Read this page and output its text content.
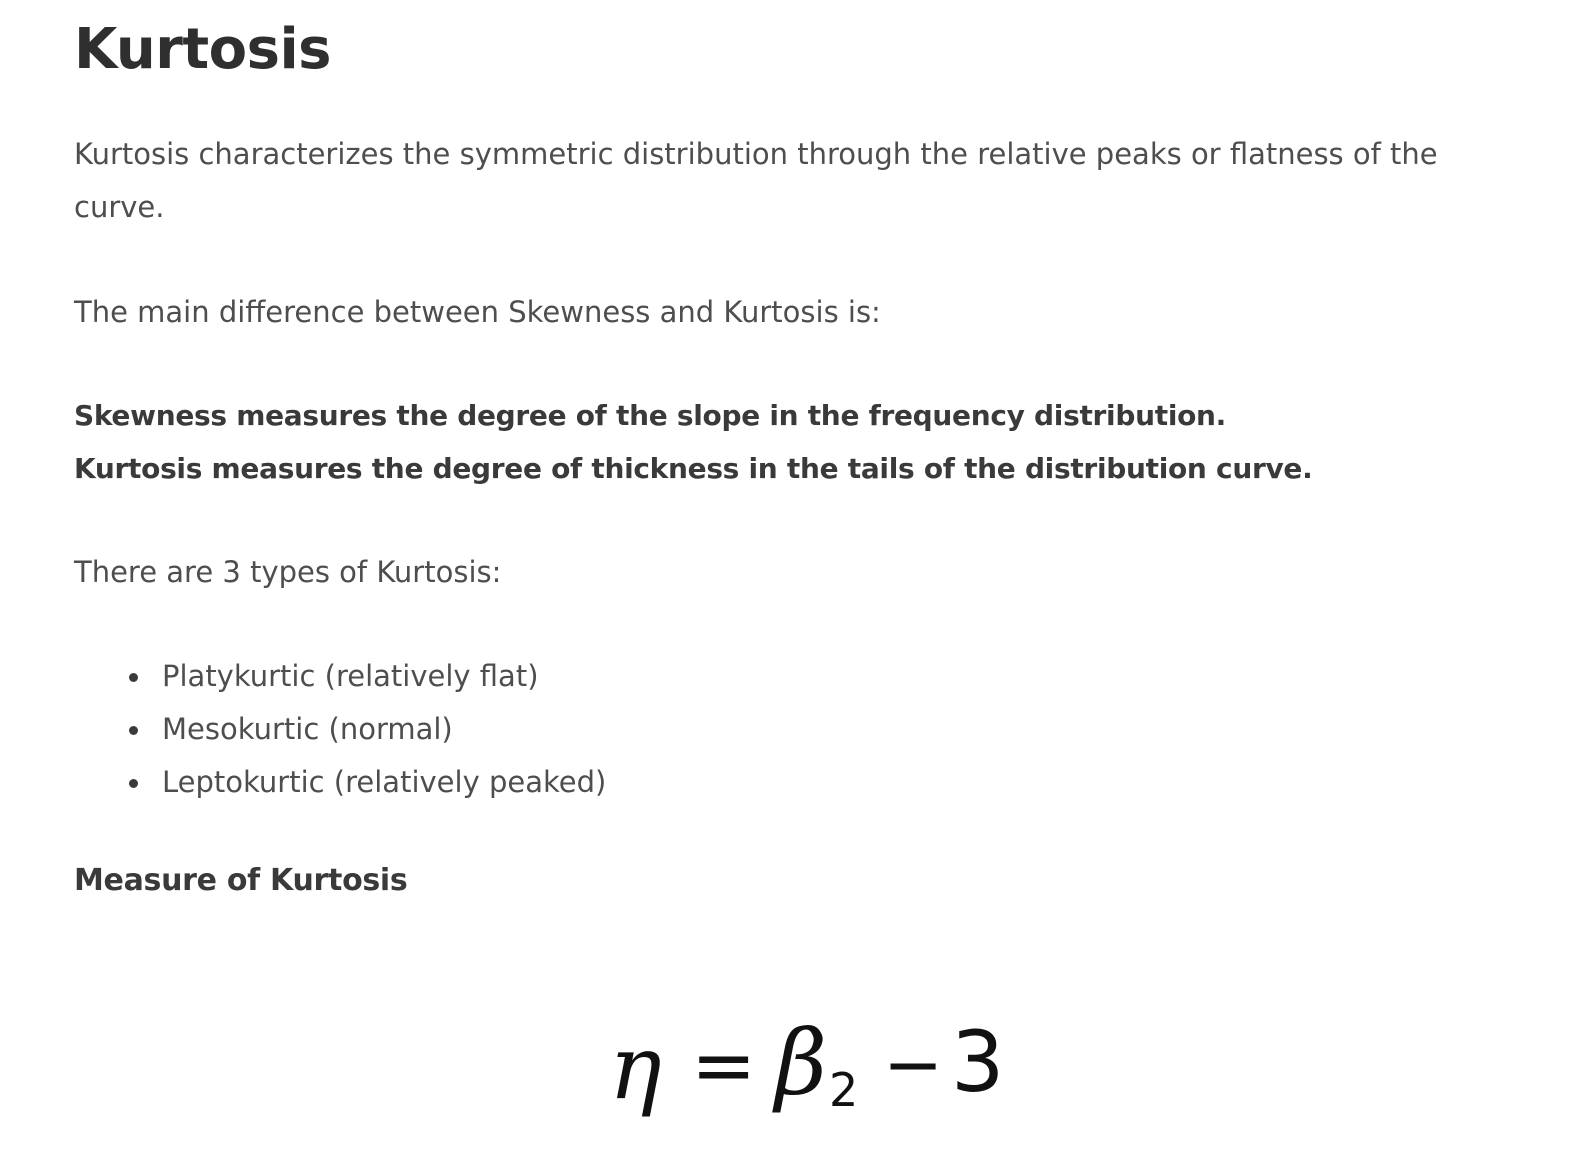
Kurtosis

Kurtosis characterizes the symmetric distribution through the relative peaks or flatness of the
curve.

The main difference between Skewness and Kurtosis is:

Skewness measures the degree of the slope in the frequency distribution.

Kurtosis measures the degree of thickness in the tails of the distribution curve.

There are 3 types of Kurtosis:

Platykurtic (relatively flat)
Mesokurtic (normal)
Leptokurtic (relatively peaked)
Measure of Kurtosis
η = β 2 − 3
